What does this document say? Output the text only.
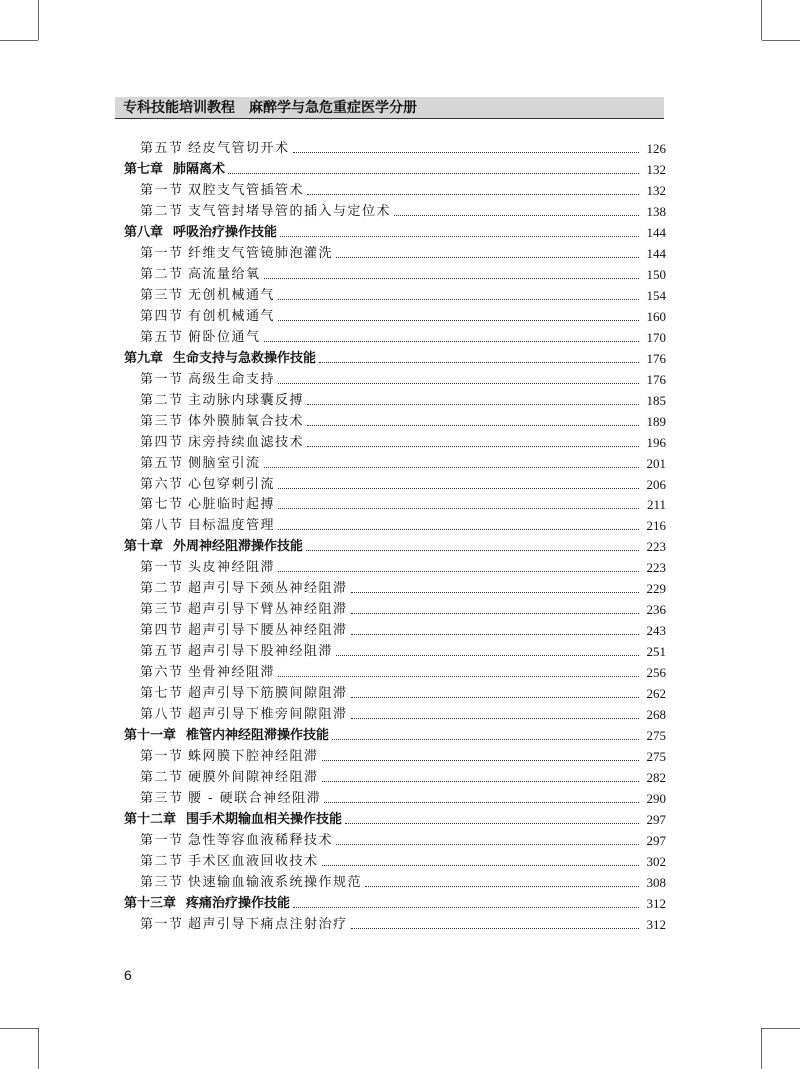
专科技能培训教程　麻醉学与急危重症医学分册
第五节 经皮气管切开术	126
第七章 肺隔离术	132
第一节 双腔支气管插管术	132
第二节 支气管封堵导管的插入与定位术	138
第八章 呼吸治疗操作技能	144
第一节 纤维支气管镜肺泡灌洗	144
第二节 高流量给氧	150
第三节 无创机械通气	154
第四节 有创机械通气	160
第五节 俯卧位通气	170
第九章 生命支持与急救操作技能	176
第一节 高级生命支持	176
第二节 主动脉内球囊反搏	185
第三节 体外膜肺氧合技术	189
第四节 床旁持续血滤技术	196
第五节 侧脑室引流	201
第六节 心包穿刺引流	206
第七节 心脏临时起搏	211
第八节 目标温度管理	216
第十章 外周神经阻滞操作技能	223
第一节 头皮神经阻滞	223
第二节 超声引导下颈丛神经阻滞	229
第三节 超声引导下臂丛神经阻滞	236
第四节 超声引导下腰丛神经阻滞	243
第五节 超声引导下股神经阻滞	251
第六节 坐骨神经阻滞	256
第七节 超声引导下筋膜间隙阻滞	262
第八节 超声引导下椎旁间隙阻滞	268
第十一章 椎管内神经阻滞操作技能	275
第一节 蛛网膜下腔神经阻滞	275
第二节 硬膜外间隙神经阻滞	282
第三节 腰 - 硬联合神经阻滞	290
第十二章 围手术期输血相关操作技能	297
第一节 急性等容血液稀释技术	297
第二节 手术区血液回收技术	302
第三节 快速输血输液系统操作规范	308
第十三章 疼痛治疗操作技能	312
第一节 超声引导下痛点注射治疗	312
6
